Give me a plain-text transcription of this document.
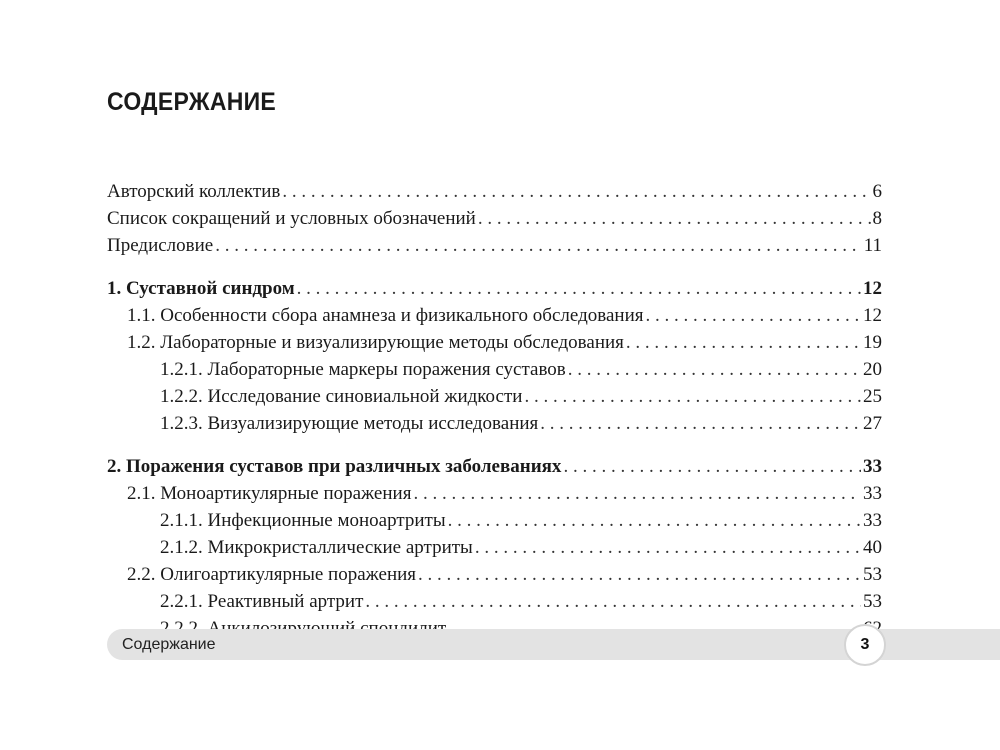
СОДЕРЖАНИЕ
Авторский коллектив . . .	6
Список сокращений и условных обозначений . . .	8
Предисловие . . .	11
1. Суставной синдром . . .	12
1.1. Особенности сбора анамнеза и физикального обследования . . .	12
1.2. Лабораторные и визуализирующие методы обследования . . .	19
1.2.1. Лабораторные маркеры поражения суставов . . .	20
1.2.2. Исследование синовиальной жидкости . . .	25
1.2.3. Визуализирующие методы исследования . . .	27
2. Поражения суставов при различных заболеваниях . . .	33
2.1. Моноартикулярные поражения . . .	33
2.1.1. Инфекционные моноартриты . . .	33
2.1.2. Микрокристаллические артриты . . .	40
2.2. Олигоартикулярные поражения . . .	53
2.2.1. Реактивный артрит . . .	53
. . .
Содержание	3
